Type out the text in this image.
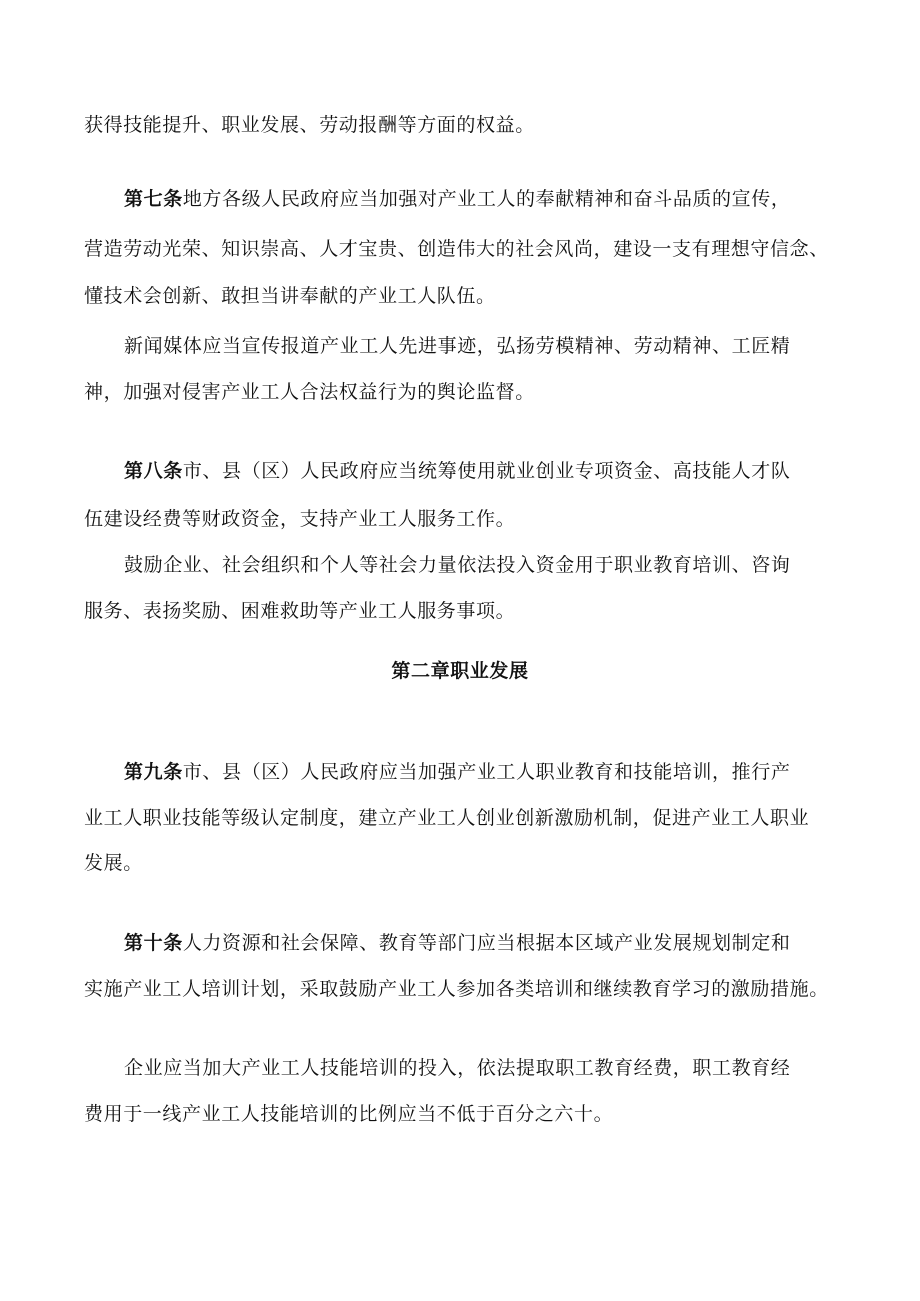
获得技能提升、职业发展、劳动报酬等方面的权益。
第七条地方各级人民政府应当加强对产业工人的奉献精神和奋斗品质的宣传，
营造劳动光荣、知识崇高、人才宝贵、创造伟大的社会风尚，建设一支有理想守信念、
懂技术会创新、敢担当讲奉献的产业工人队伍。
新闻媒体应当宣传报道产业工人先进事迹，弘扬劳模精神、劳动精神、工匠精
神，加强对侵害产业工人合法权益行为的舆论监督。
第八条市、县（区）人民政府应当统筹使用就业创业专项资金、高技能人才队
伍建设经费等财政资金，支持产业工人服务工作。
鼓励企业、社会组织和个人等社会力量依法投入资金用于职业教育培训、咨询
服务、表扬奖励、困难救助等产业工人服务事项。
第二章职业发展
第九条市、县（区）人民政府应当加强产业工人职业教育和技能培训，推行产
业工人职业技能等级认定制度，建立产业工人创业创新激励机制，促进产业工人职业
发展。
第十条人力资源和社会保障、教育等部门应当根据本区域产业发展规划制定和
实施产业工人培训计划，采取鼓励产业工人参加各类培训和继续教育学习的激励措施。
企业应当加大产业工人技能培训的投入，依法提取职工教育经费，职工教育经
费用于一线产业工人技能培训的比例应当不低于百分之六十。
